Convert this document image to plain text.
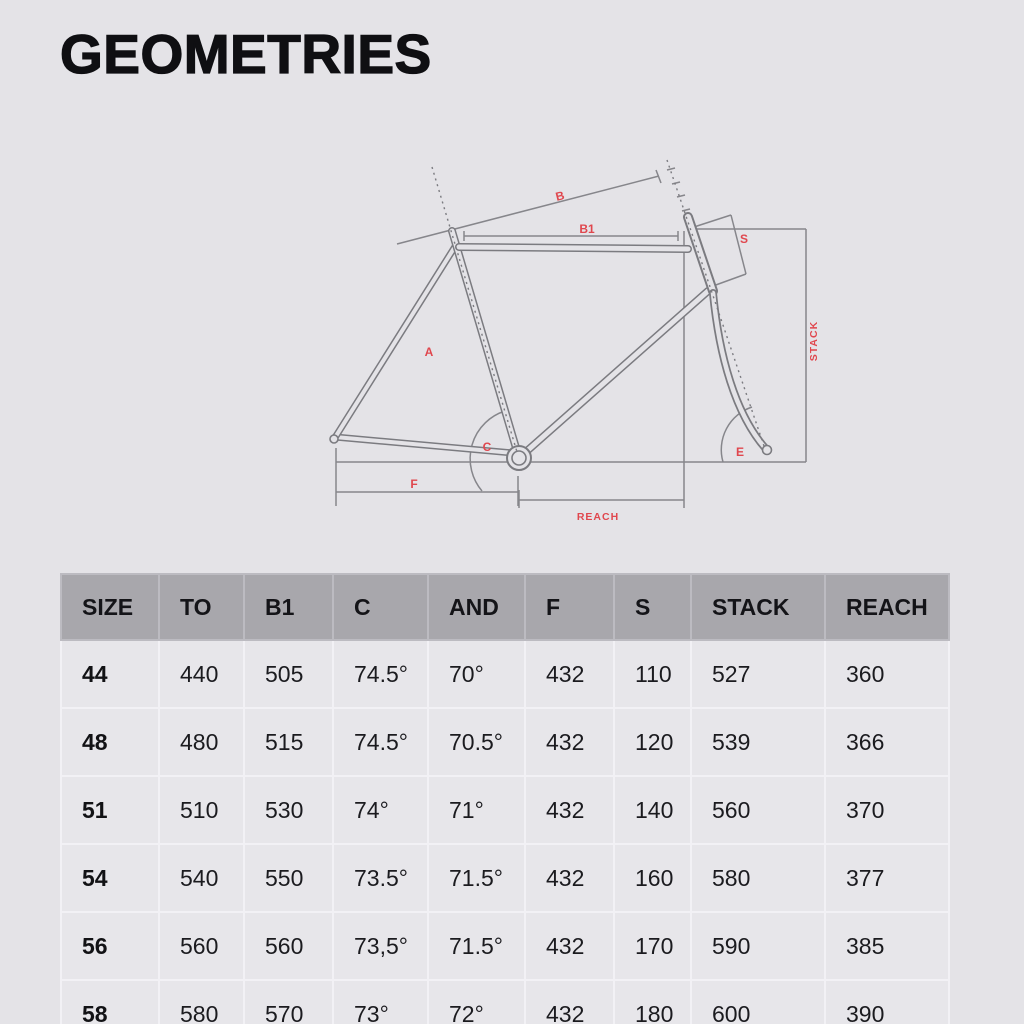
GEOMETRIES
B
B1
S
A
C	E
F
REACH
STACK
SIZE	TO	B1	C	AND	F	S	STACK	REACH
44	440	505	74.5°	70°	432	110	527	360
48	480	515	74.5°	70.5°	432	120	539	366
51	510	530	74°	71°	432	140	560	370
54	540	550	73.5°	71.5°	432	160	580	377
56	560	560	73,5°	71.5°	432	170	590	385
58	580	570	73°	72°	432	180	600	390
